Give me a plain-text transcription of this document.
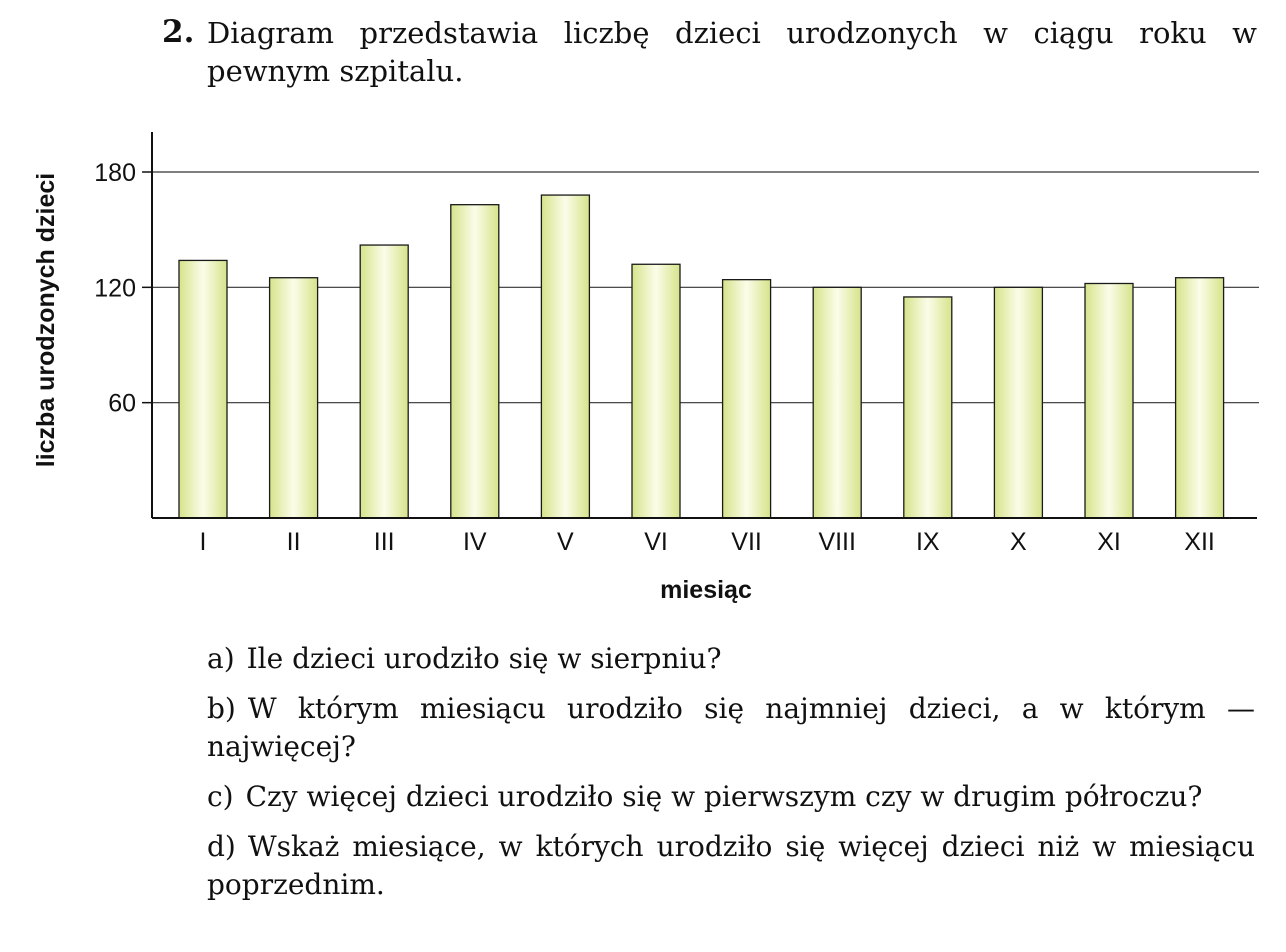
2. Diagram przedstawia liczbę dzieci urodzonych w ciągu roku w pewnym szpitalu.
60
120
180
I	II	III	IV	V	VI	VII VIII IX	X	XI	XII
miesiąc
liczba urodzonych dzieci

a) Ile dzieci urodziło się w sierpniu?

b) W którym miesiącu urodziło się najmniej dzieci, a w którym — najwięcej?

c) Czy więcej dzieci urodziło się w pierwszym czy w drugim półroczu?

d) Wskaż miesiące, w których urodziło się więcej dzieci niż w miesiącu poprzednim.
